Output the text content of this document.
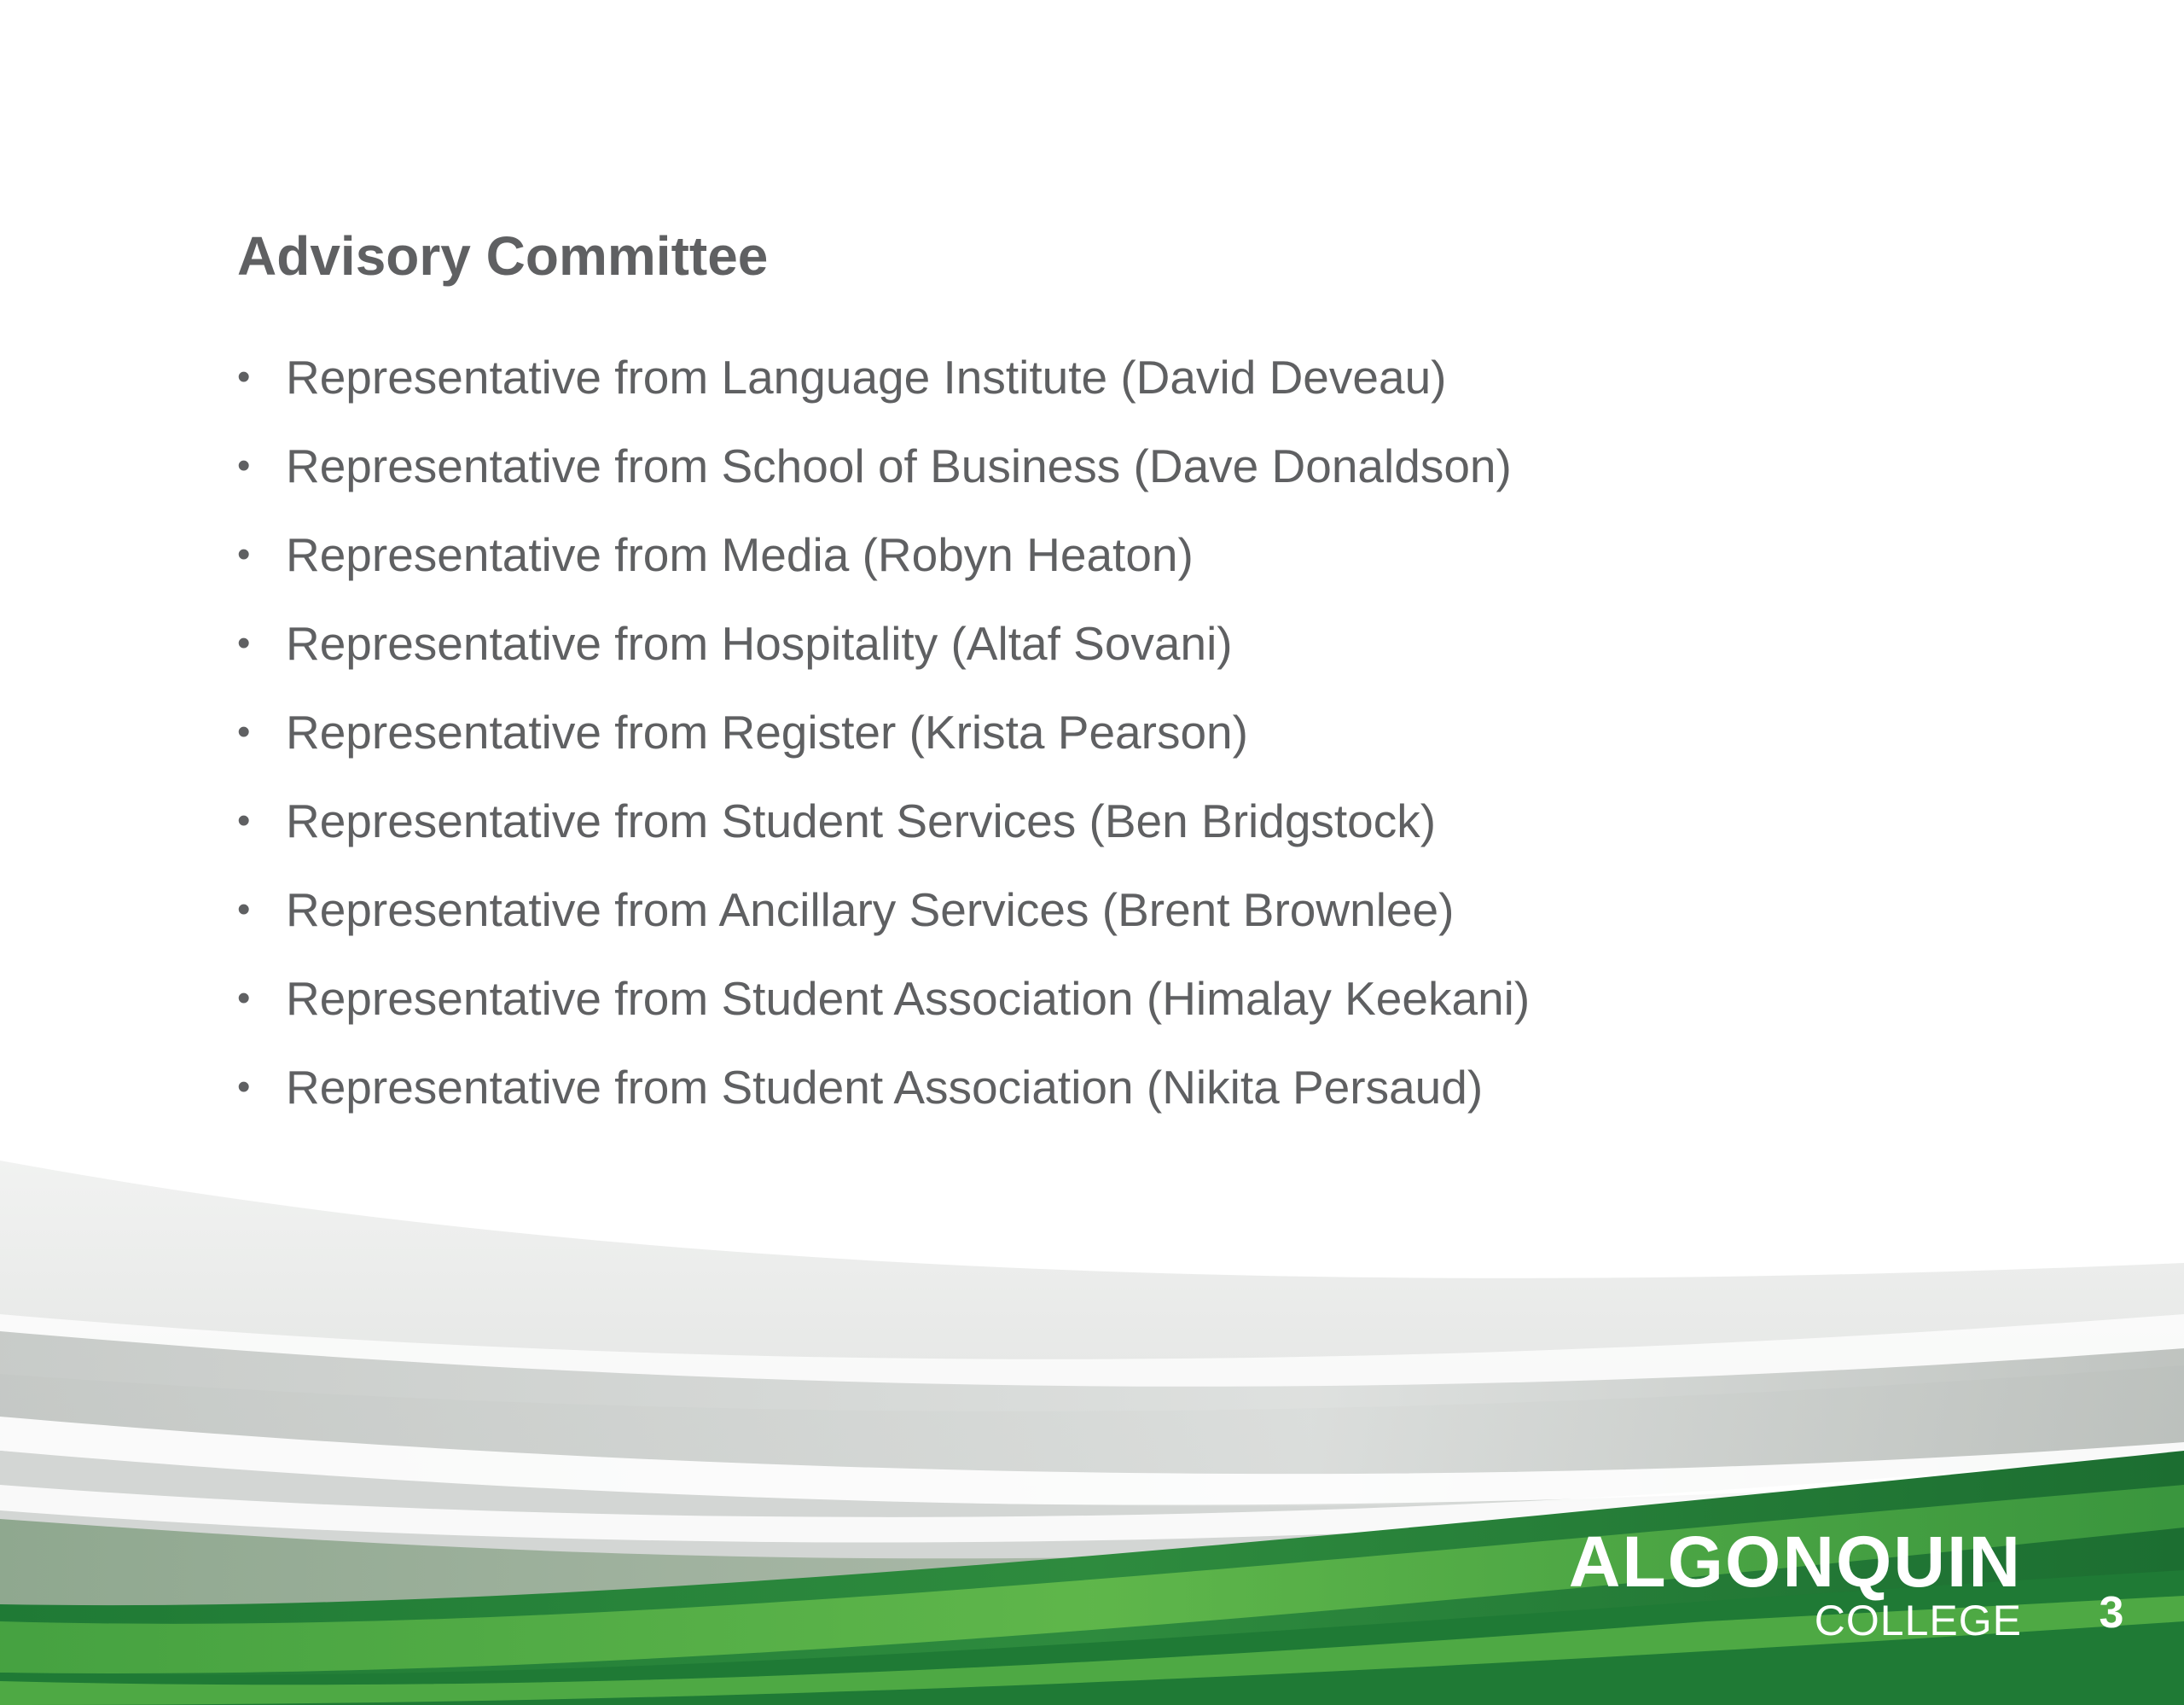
Advisory Committee
• Representative from Language Institute (David Deveau)
• Representative from School of Business (Dave Donaldson)
• Representative from Media (Robyn Heaton)
• Representative from Hospitality (Altaf Sovani)
• Representative from Register (Krista Pearson)
• Representative from Student Services (Ben Bridgstock)
• Representative from Ancillary Services (Brent Brownlee)
• Representative from Student Association (Himalay Keekani)
• Representative from Student Association (Nikita Persaud)
ALGONQUIN
COLLEGE	3
